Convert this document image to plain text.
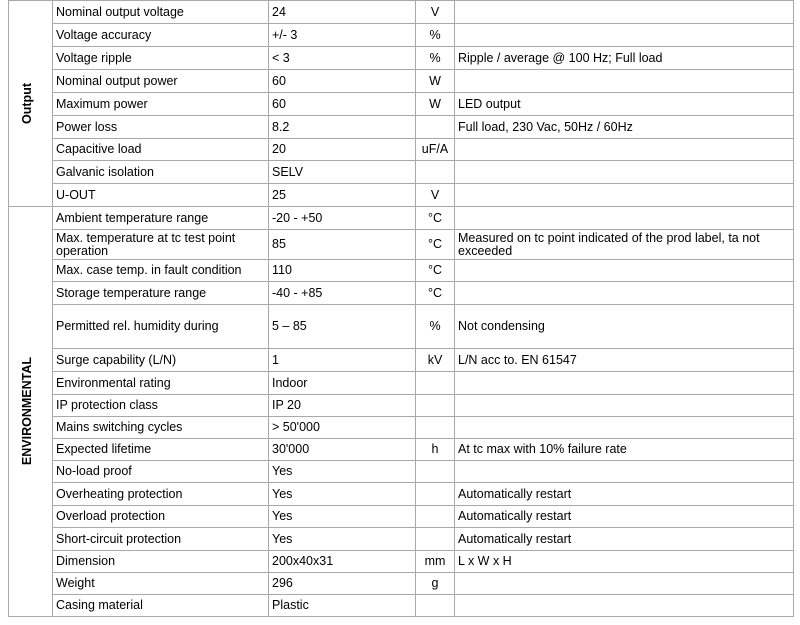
Output	Nominal output voltage	24	V	
	Voltage accuracy	+/- 3	%	
	Voltage ripple	< 3	%	Ripple / average @ 100 Hz; Full load
	Nominal output power	60	W	
	Maximum power	60	W	LED output
	Power loss	8.2		Full load, 230 Vac, 50Hz / 60Hz
	Capacitive load	20	uF/A	
	Galvanic isolation	SELV		
	U-OUT	25	V	

ENVIRONMENTAL	Ambient temperature range	-20 - +50	°C	
	Max. temperature at tc test point operation	85	°C	Measured on tc point indicated of the prod label, ta not exceeded
	Max. case temp. in fault condition	110	°C	
	Storage temperature range	-40 - +85	°C	
	Permitted rel. humidity during	5 – 85	%	Not condensing
	Surge capability (L/N)	1	kV	L/N acc to. EN 61547
	Environmental rating	Indoor		
	IP protection class	IP 20		
	Mains switching cycles	> 50'000		
	Expected lifetime	30'000	h	At tc max with 10% failure rate
	No-load proof	Yes		
	Overheating protection	Yes		Automatically restart
	Overload protection	Yes		Automatically restart
	Short-circuit protection	Yes		Automatically restart
	Dimension	200x40x31	mm	L x W x H
	Weight	296	g	
	Casing material	Plastic		
